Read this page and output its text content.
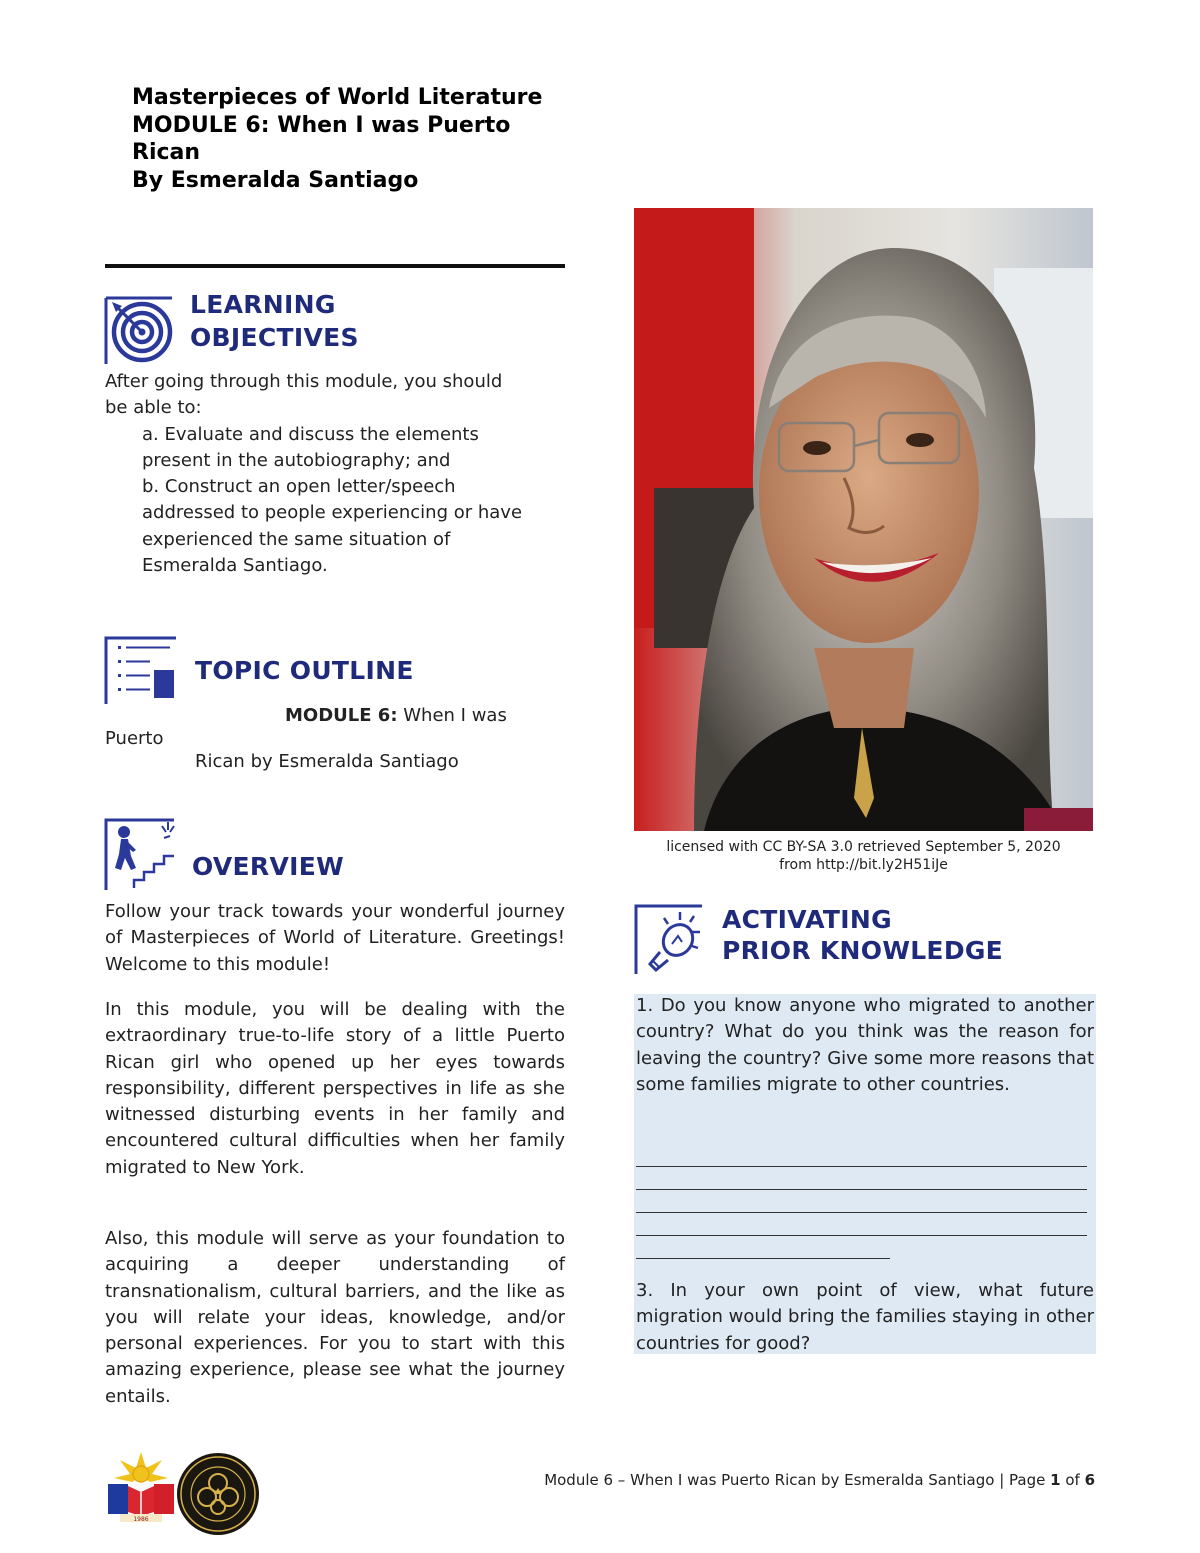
Masterpieces of World Literature
MODULE 6: When I was Puerto
Rican
By Esmeralda Santiago
LEARNING
OBJECTIVES
After going through this module, you should
be able to:
a. Evaluate and discuss the elements
present in the autobiography; and
b. Construct an open letter/speech
addressed to people experiencing or have
experienced the same situation of
Esmeralda Santiago.
TOPIC OUTLINE
MODULE 6: When I was
Puerto
Rican by Esmeralda Santiago
OVERVIEW
Follow your track towards your wonderful journey of Masterpieces of World of Literature. Greetings! Welcome to this module!
In this module, you will be dealing with the extraordinary true-to-life story of a little Puerto Rican girl who opened up her eyes towards responsibility, different perspectives in life as she witnessed disturbing events in her family and encountered cultural difficulties when her family migrated to New York.
Also, this module will serve as your foundation to acquiring a deeper understanding of transnationalism, cultural barriers, and the like as you will relate your ideas, knowledge, and/or personal experiences. For you to start with this amazing experience, please see what the journey entails.

licensed with CC BY-SA 3.0 retrieved September 5, 2020
from http://bit.ly2H51iJe
ACTIVATING
PRIOR KNOWLEDGE
1. Do you know anyone who migrated to another country? What do you think was the reason for leaving the country? Give some more reasons that some families migrate to other countries.
3. In your own point of view, what future migration would bring the families staying in other countries for good?
1986
Module 6 – When I was Puerto Rican by Esmeralda Santiago | Page 1 of 6
